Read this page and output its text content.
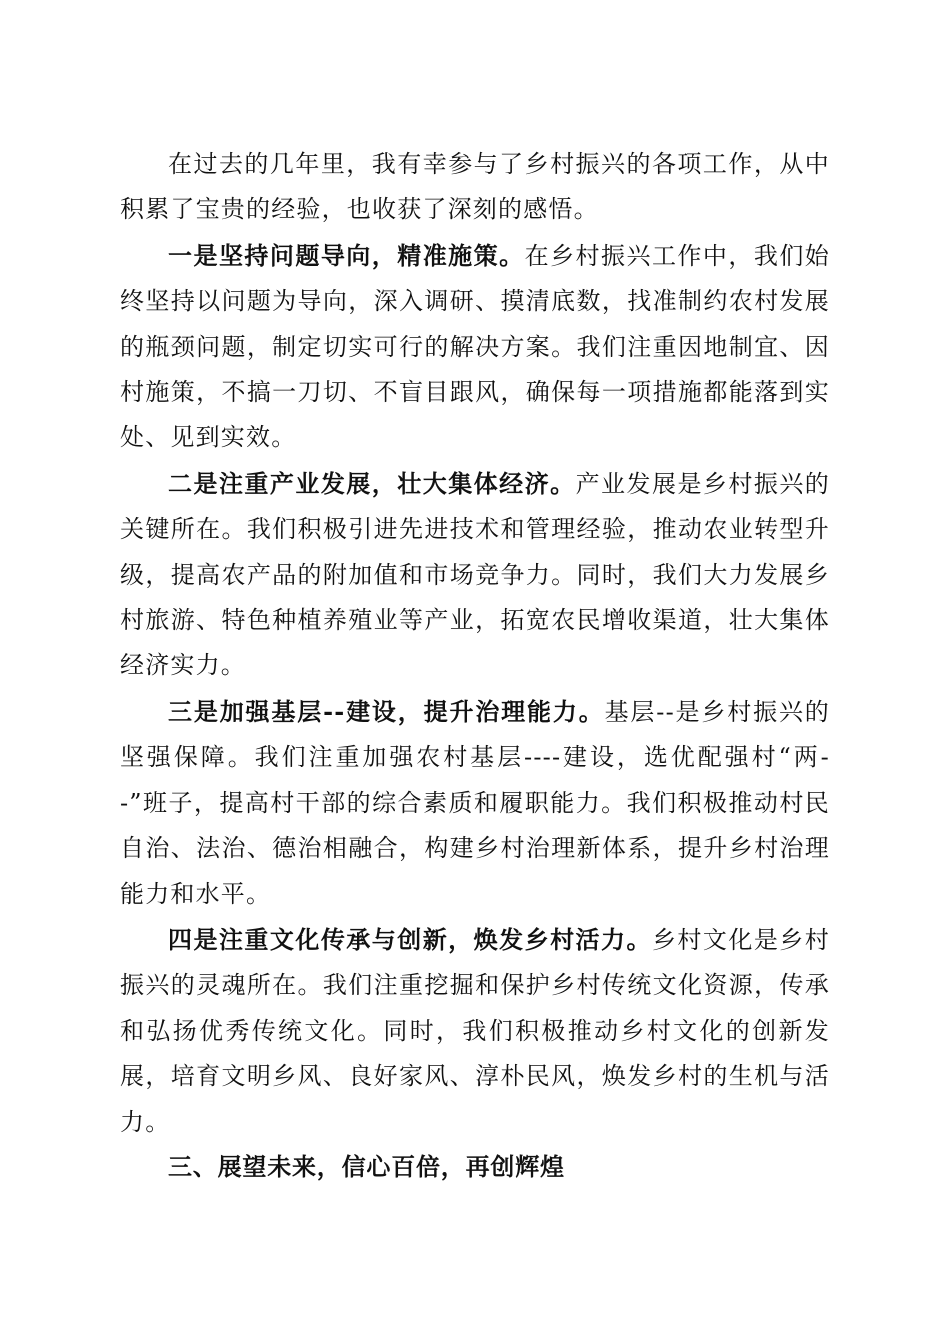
在过去的几年里，我有幸参与了乡村振兴的各项工作，从中积累了宝贵的经验，也收获了深刻的感悟。

一是坚持问题导向，精准施策。在乡村振兴工作中，我们始终坚持以问题为导向，深入调研、摸清底数，找准制约农村发展的瓶颈问题，制定切实可行的解决方案。我们注重因地制宜、因村施策，不搞一刀切、不盲目跟风，确保每一项措施都能落到实处、见到实效。

二是注重产业发展，壮大集体经济。产业发展是乡村振兴的关键所在。我们积极引进先进技术和管理经验，推动农业转型升级，提高农产品的附加值和市场竞争力。同时，我们大力发展乡村旅游、特色种植养殖业等产业，拓宽农民增收渠道，壮大集体经济实力。

三是加强基层--建设，提升治理能力。基层--是乡村振兴的坚强保障。我们注重加强农村基层----建设，选优配强村“两--”班子，提高村干部的综合素质和履职能力。我们积极推动村民自治、法治、德治相融合，构建乡村治理新体系，提升乡村治理能力和水平。

四是注重文化传承与创新，焕发乡村活力。乡村文化是乡村振兴的灵魂所在。我们注重挖掘和保护乡村传统文化资源，传承和弘扬优秀传统文化。同时，我们积极推动乡村文化的创新发展，培育文明乡风、良好家风、淳朴民风，焕发乡村的生机与活力。

三、展望未来，信心百倍，再创辉煌
